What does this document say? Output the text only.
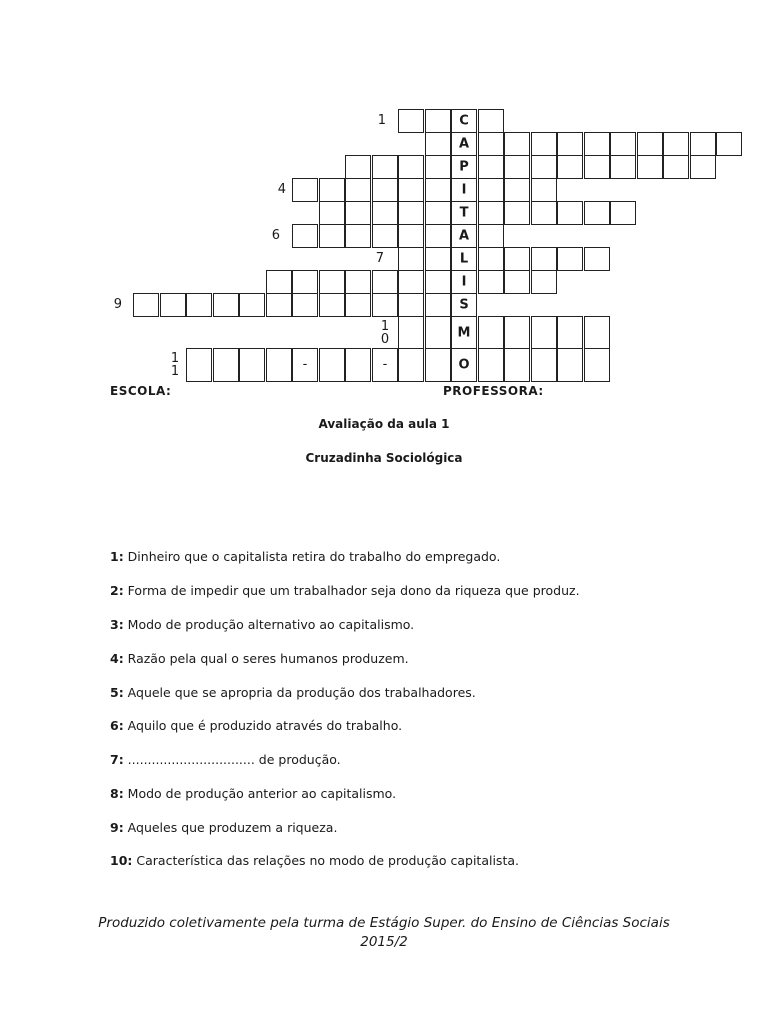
1	C
A
P
4	I
T
6	A
7	L
I
9	S
1
0	M
1
1	-	-	O
ESCOLA:	PROFESSORA:
Avaliação da aula 1
Cruzadinha Sociológica
1: Dinheiro que o capitalista retira do trabalho do empregado.
2: Forma de impedir que um trabalhador seja dono da riqueza que produz.
3: Modo de produção alternativo ao capitalismo.
4: Razão pela qual o seres humanos produzem.
5: Aquele que se apropria da produção dos trabalhadores.
6: Aquilo que é produzido através do trabalho.
7: ................................ de produção.
8: Modo de produção anterior ao capitalismo.
9: Aqueles que produzem a riqueza.
10: Característica das relações no modo de produção capitalista.
Produzido coletivamente pela turma de Estágio Super. do Ensino de Ciências Sociais 2015/2
